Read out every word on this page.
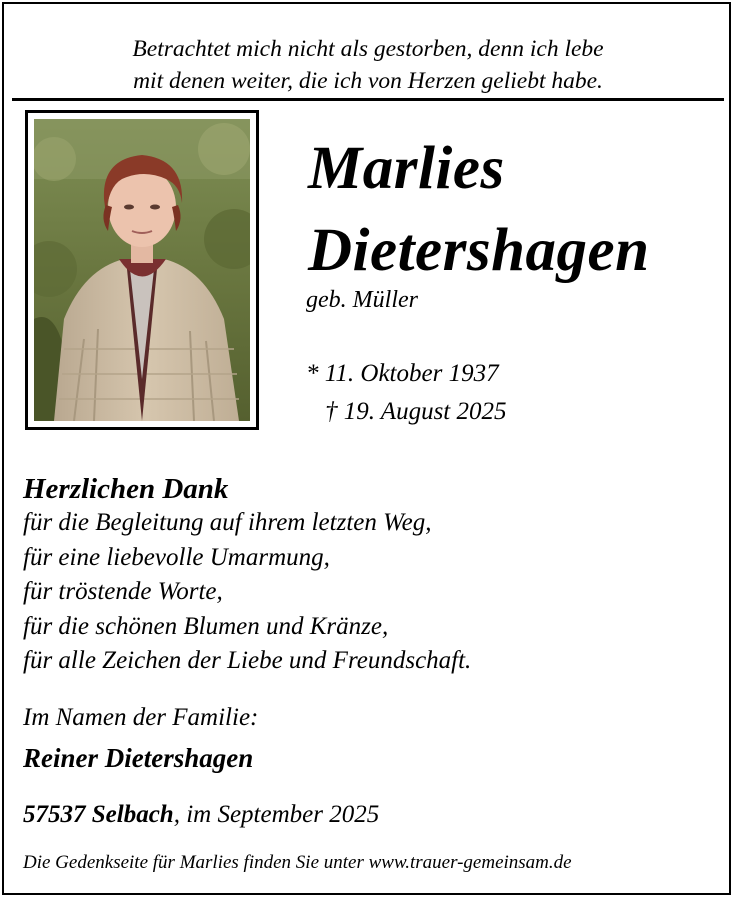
Betrachtet mich nicht als gestorben, denn ich lebe
mit denen weiter, die ich von Herzen geliebt habe.
Marlies
Dietershagen
geb. Müller
* 11. Oktober 1937
† 19. August 2025
Herzlichen Dank
für die Begleitung auf ihrem letzten Weg,
für eine liebevolle Umarmung,
für tröstende Worte,
für die schönen Blumen und Kränze,
für alle Zeichen der Liebe und Freundschaft.
Im Namen der Familie:
Reiner Dietershagen
57537 Selbach, im September 2025
Die Gedenkseite für Marlies finden Sie unter www.trauer-gemeinsam.de
